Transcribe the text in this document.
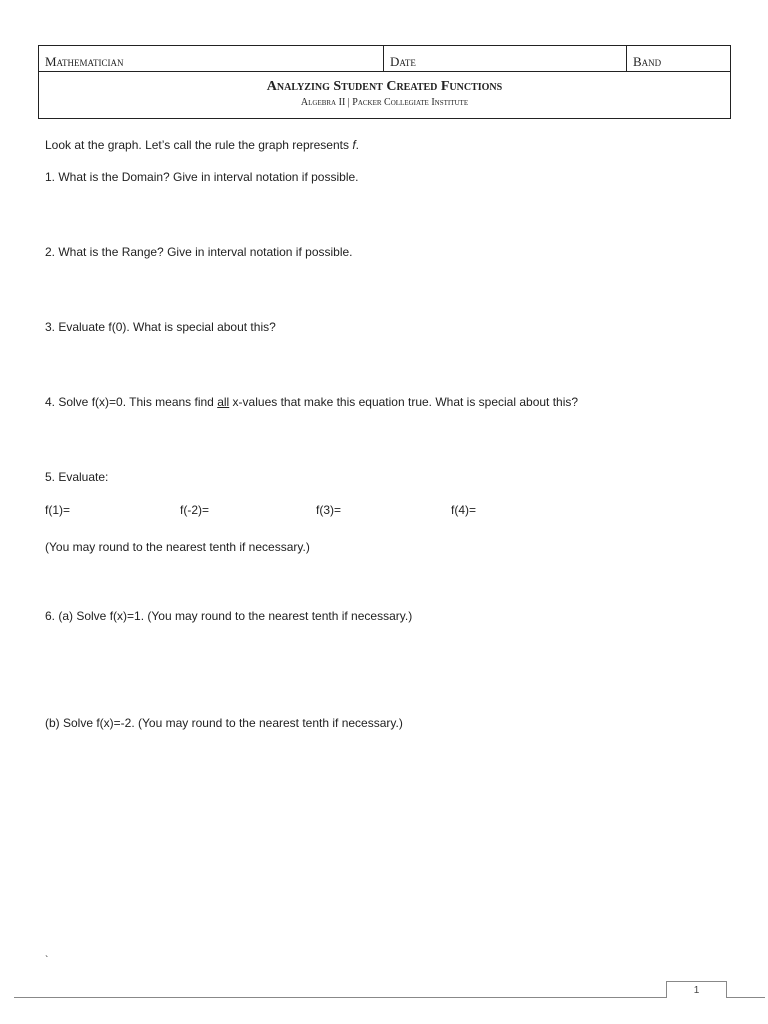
Mathematician	Date	Band
Analyzing Student Created Functions
Algebra II | Packer Collegiate Institute
Look at the graph. Let’s call the rule the graph represents f.
1. What is the Domain? Give in interval notation if possible.
2. What is the Range? Give in interval notation if possible.
3. Evaluate f(0). What is special about this?
4. Solve f(x)=0. This means find all x-values that make this equation true. What is special about this?
5. Evaluate:
f(1)=	f(-2)=	f(3)=	f(4)=
(You may round to the nearest tenth if necessary.)
6. (a) Solve f(x)=1. (You may round to the nearest tenth if necessary.)
(b) Solve f(x)=-2. (You may round to the nearest tenth if necessary.)
`
1
